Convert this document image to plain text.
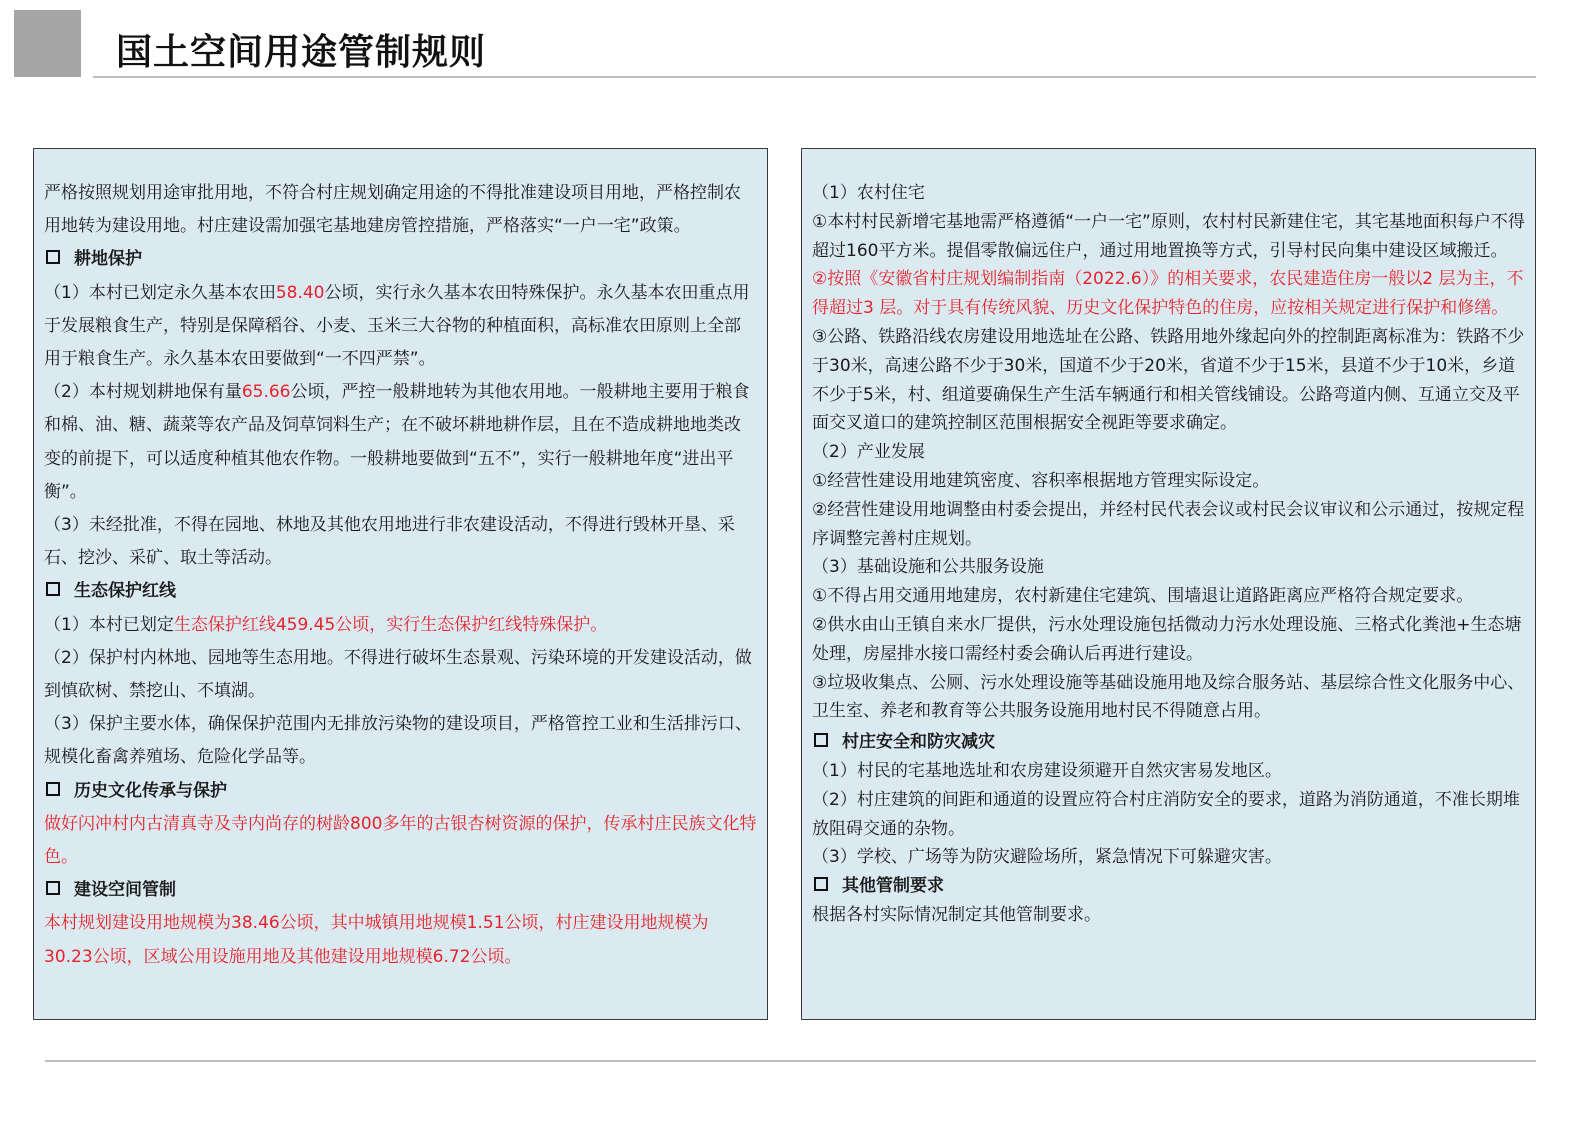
国土空间用途管制规则

严格按照规划用途审批用地，不符合村庄规划确定用途的不得批准建设项目用地，严格控制农用地转为建设用地。村庄建设需加强宅基地建房管控措施，严格落实“一户一宅”政策。

耕地保护

（1）本村已划定永久基本农田58.40公顷，实行永久基本农田特殊保护。永久基本农田重点用于发展粮食生产，特别是保障稻谷、小麦、玉米三大谷物的种植面积，高标准农田原则上全部用于粮食生产。永久基本农田要做到“一不四严禁”。

（2）本村规划耕地保有量65.66公顷，严控一般耕地转为其他农用地。一般耕地主要用于粮食和棉、油、糖、蔬菜等农产品及饲草饲料生产；在不破坏耕地耕作层，且在不造成耕地地类改变的前提下，可以适度种植其他农作物。一般耕地要做到“五不”，实行一般耕地年度“进出平衡”。

（3）未经批准，不得在园地、林地及其他农用地进行非农建设活动，不得进行毁林开垦、采石、挖沙、采矿、取土等活动。

生态保护红线

（1）本村已划定生态保护红线459.45公顷，实行生态保护红线特殊保护。

（2）保护村内林地、园地等生态用地。不得进行破坏生态景观、污染环境的开发建设活动，做到慎砍树、禁挖山、不填湖。

（3）保护主要水体，确保保护范围内无排放污染物的建设项目，严格管控工业和生活排污口、规模化畜禽养殖场、危险化学品等。

历史文化传承与保护

做好闪冲村内古清真寺及寺内尚存的树龄800多年的古银杏树资源的保护，传承村庄民族文化特色。

建设空间管制

本村规划建设用地规模为38.46公顷，其中城镇用地规模1.51公顷，村庄建设用地规模为30.23公顷，区域公用设施用地及其他建设用地规模6.72公顷。

（1）农村住宅

①本村村民新增宅基地需严格遵循“一户一宅”原则，农村村民新建住宅，其宅基地面积每户不得超过160平方米。提倡零散偏远住户，通过用地置换等方式，引导村民向集中建设区域搬迁。

②按照《安徽省村庄规划编制指南（2022.6）》的相关要求，农民建造住房一般以2 层为主，不得超过3 层。对于具有传统风貌、历史文化保护特色的住房，应按相关规定进行保护和修缮。

③公路、铁路沿线农房建设用地选址在公路、铁路用地外缘起向外的控制距离标准为：铁路不少于30米，高速公路不少于30米，国道不少于20米，省道不少于15米，县道不少于10米，乡道不少于5米，村、组道要确保生产生活车辆通行和相关管线铺设。公路弯道内侧、互通立交及平面交叉道口的建筑控制区范围根据安全视距等要求确定。

（2）产业发展

①经营性建设用地建筑密度、容积率根据地方管理实际设定。

②经营性建设用地调整由村委会提出，并经村民代表会议或村民会议审议和公示通过，按规定程序调整完善村庄规划。

（3）基础设施和公共服务设施

①不得占用交通用地建房，农村新建住宅建筑、围墙退让道路距离应严格符合规定要求。

②供水由山王镇自来水厂提供，污水处理设施包括微动力污水处理设施、三格式化粪池+生态塘处理，房屋排水接口需经村委会确认后再进行建设。

③垃圾收集点、公厕、污水处理设施等基础设施用地及综合服务站、基层综合性文化服务中心、卫生室、养老和教育等公共服务设施用地村民不得随意占用。

村庄安全和防灾减灾

（1）村民的宅基地选址和农房建设须避开自然灾害易发地区。

（2）村庄建筑的间距和通道的设置应符合村庄消防安全的要求，道路为消防通道，不准长期堆放阻碍交通的杂物。

（3）学校、广场等为防灾避险场所，紧急情况下可躲避灾害。

其他管制要求

根据各村实际情况制定其他管制要求。
